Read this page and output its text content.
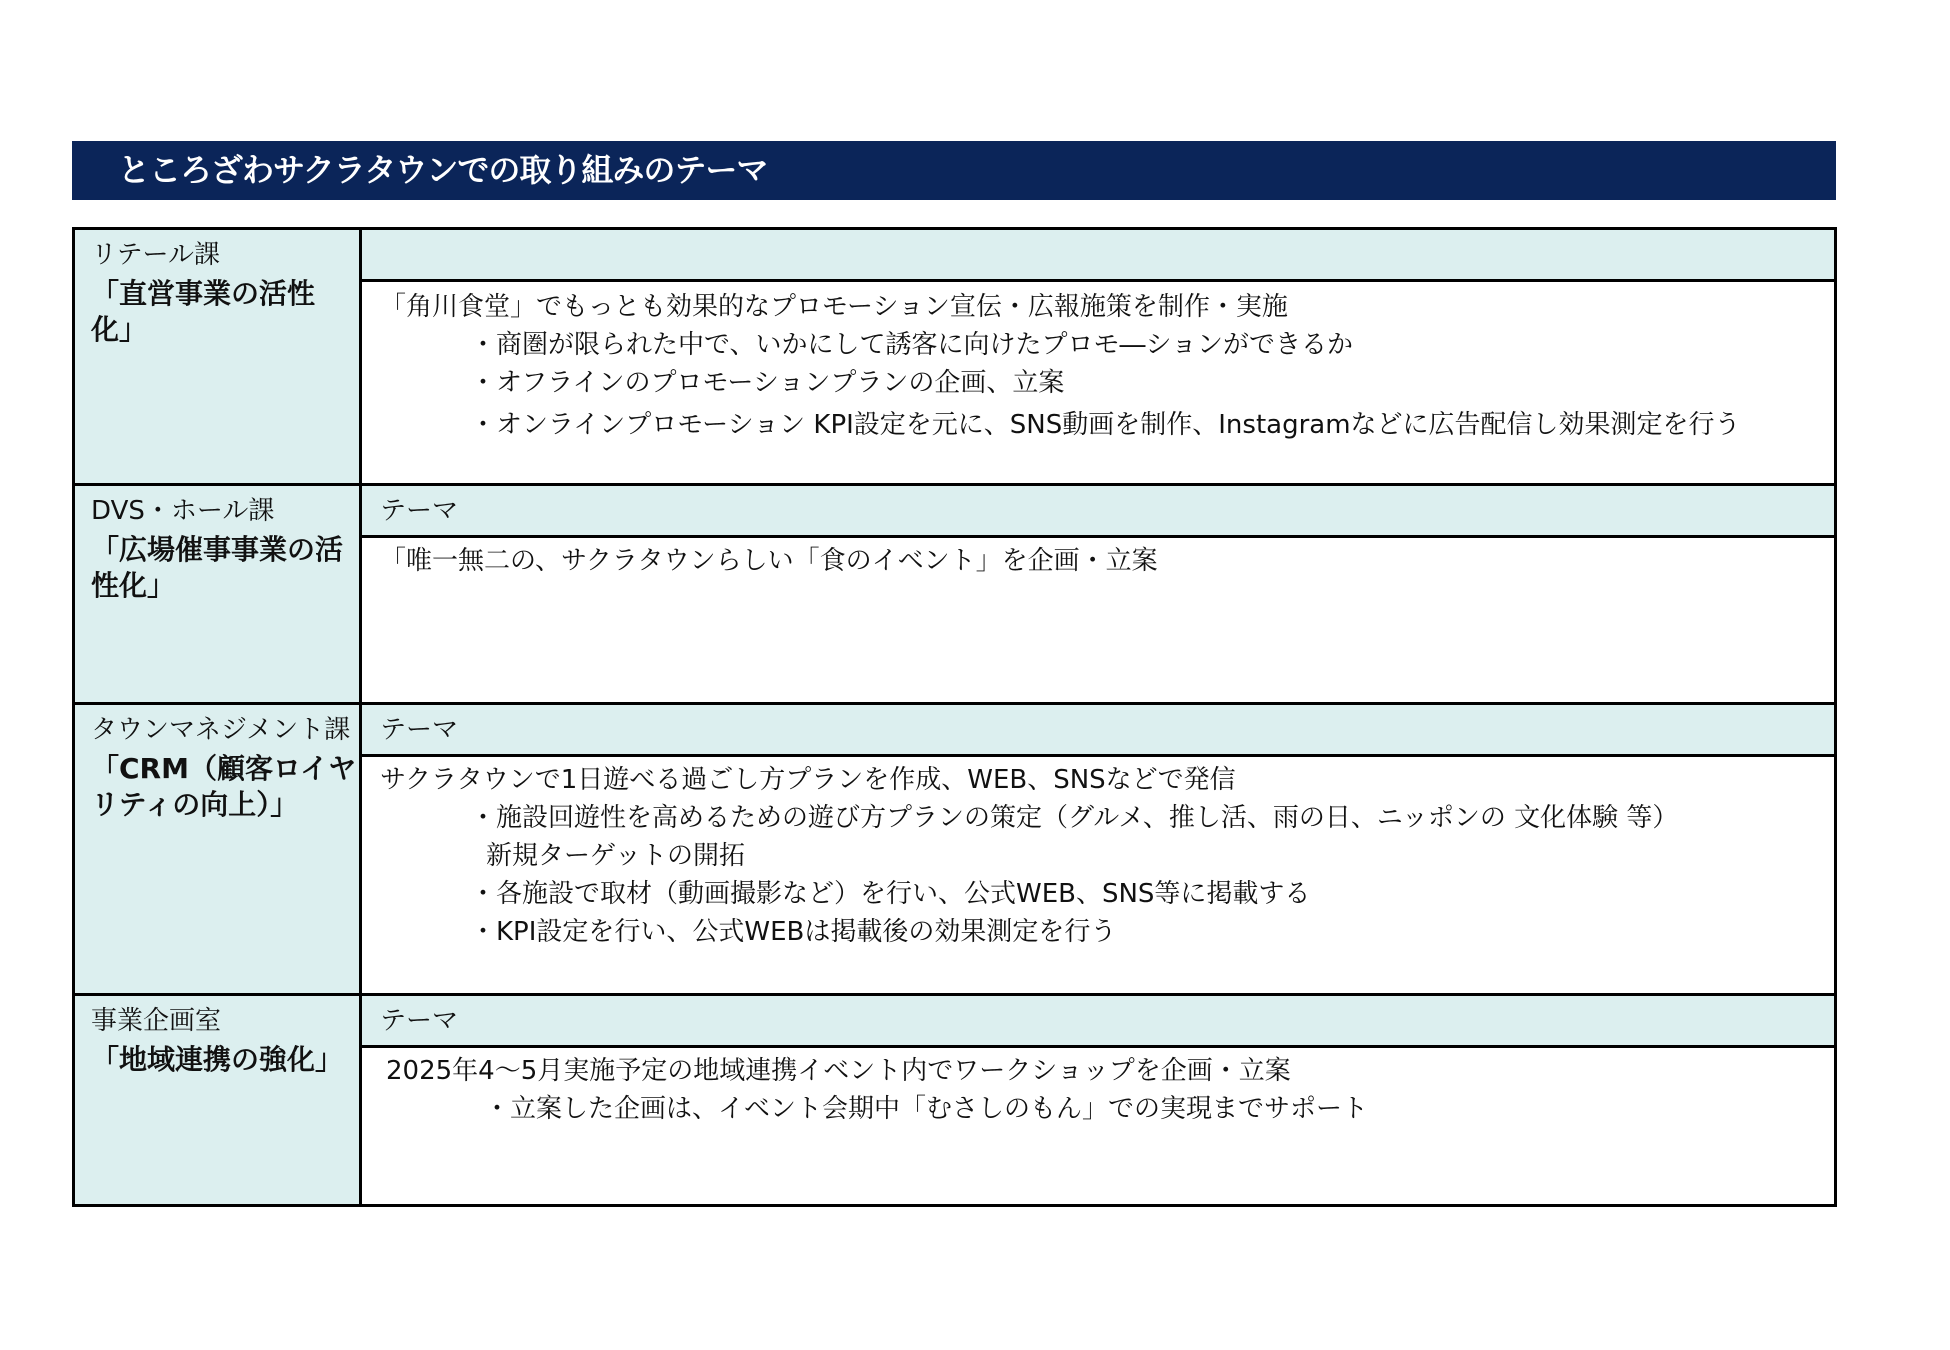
ところざわサクラタウンでの取り組みのテーマ
リテール課
「直営事業の活性
化」
「角川食堂」でもっとも効果的なプロモーション宣伝・広報施策を制作・実施
・商圏が限られた中で、いかにして誘客に向けたプロモ―ションができるか
・オフラインのプロモーションプランの企画、立案
・オンラインプロモーション KPI設定を元に、SNS動画を制作、Instagramなどに広告配信し効果測定を行う
DVS・ホール課
「広場催事事業の活
性化」
テーマ
「唯一無二の、サクラタウンらしい「食のイベント」を企画・立案
タウンマネジメント課
「CRM（顧客ロイヤ
リティの向上）」
テーマ
サクラタウンで1日遊べる過ごし方プランを作成、WEB、SNSなどで発信
・施設回遊性を高めるための遊び方プランの策定（グルメ、推し活、雨の日、ニッポンの 文化体験 等）
新規ターゲットの開拓
・各施設で取材（動画撮影など）を行い、公式WEB、SNS等に掲載する
・KPI設定を行い、公式WEBは掲載後の効果測定を行う
事業企画室
「地域連携の強化」
テーマ
2025年4～5月実施予定の地域連携イベント内でワークショップを企画・立案
・立案した企画は、イベント会期中「むさしのもん」での実現までサポート
